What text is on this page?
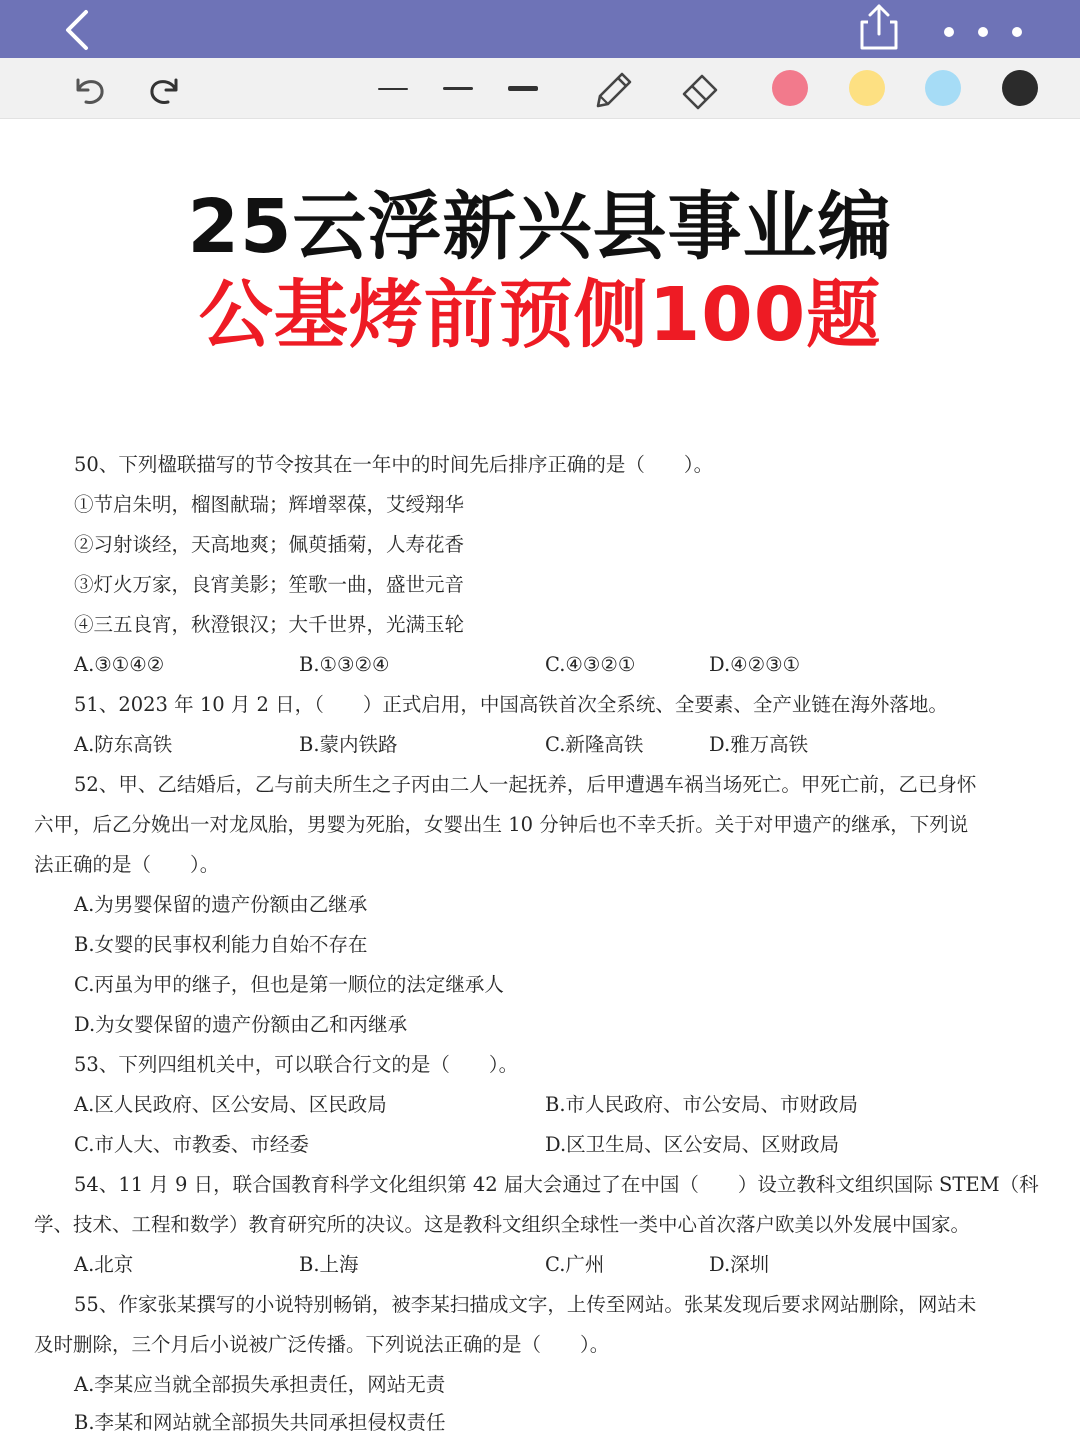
25云浮新兴县事业编
公基烤前预侧100题
50、下列楹联描写的节令按其在一年中的时间先后排序正确的是（　　）。
①节启朱明，榴图献瑞；辉增翠葆，艾绶翔华
②习射谈经，天高地爽；佩萸插菊，人寿花香
③灯火万家，良宵美影；笙歌一曲，盛世元音
④三五良宵，秋澄银汉；大千世界，光满玉轮
A.③①④②	B.①③②④	C.④③②①	D.④②③①
51、2023 年 10 月 2 日，（　　）正式启用，中国高铁首次全系统、全要素、全产业链在海外落地。
A.防东高铁	B.蒙内铁路	C.新隆高铁	D.雅万高铁
52、甲、乙结婚后，乙与前夫所生之子丙由二人一起抚养，后甲遭遇车祸当场死亡。甲死亡前，乙已身怀
六甲，后乙分娩出一对龙凤胎，男婴为死胎，女婴出生 10 分钟后也不幸夭折。关于对甲遗产的继承，下列说
法正确的是（　　）。
A.为男婴保留的遗产份额由乙继承
B.女婴的民事权利能力自始不存在
C.丙虽为甲的继子，但也是第一顺位的法定继承人
D.为女婴保留的遗产份额由乙和丙继承
53、下列四组机关中，可以联合行文的是（　　）。
A.区人民政府、区公安局、区民政局	B.市人民政府、市公安局、市财政局
C.市人大、市教委、市经委	D.区卫生局、区公安局、区财政局
54、11 月 9 日，联合国教育科学文化组织第 42 届大会通过了在中国（　　）设立教科文组织国际 STEM（科
学、技术、工程和数学）教育研究所的决议。这是教科文组织全球性一类中心首次落户欧美以外发展中国家。
A.北京	B.上海	C.广州	D.深圳
55、作家张某撰写的小说特别畅销，被李某扫描成文字，上传至网站。张某发现后要求网站删除，网站未
及时删除，三个月后小说被广泛传播。下列说法正确的是（　　）。
A.李某应当就全部损失承担责任，网站无责
B.李某和网站就全部损失共同承担侵权责任
